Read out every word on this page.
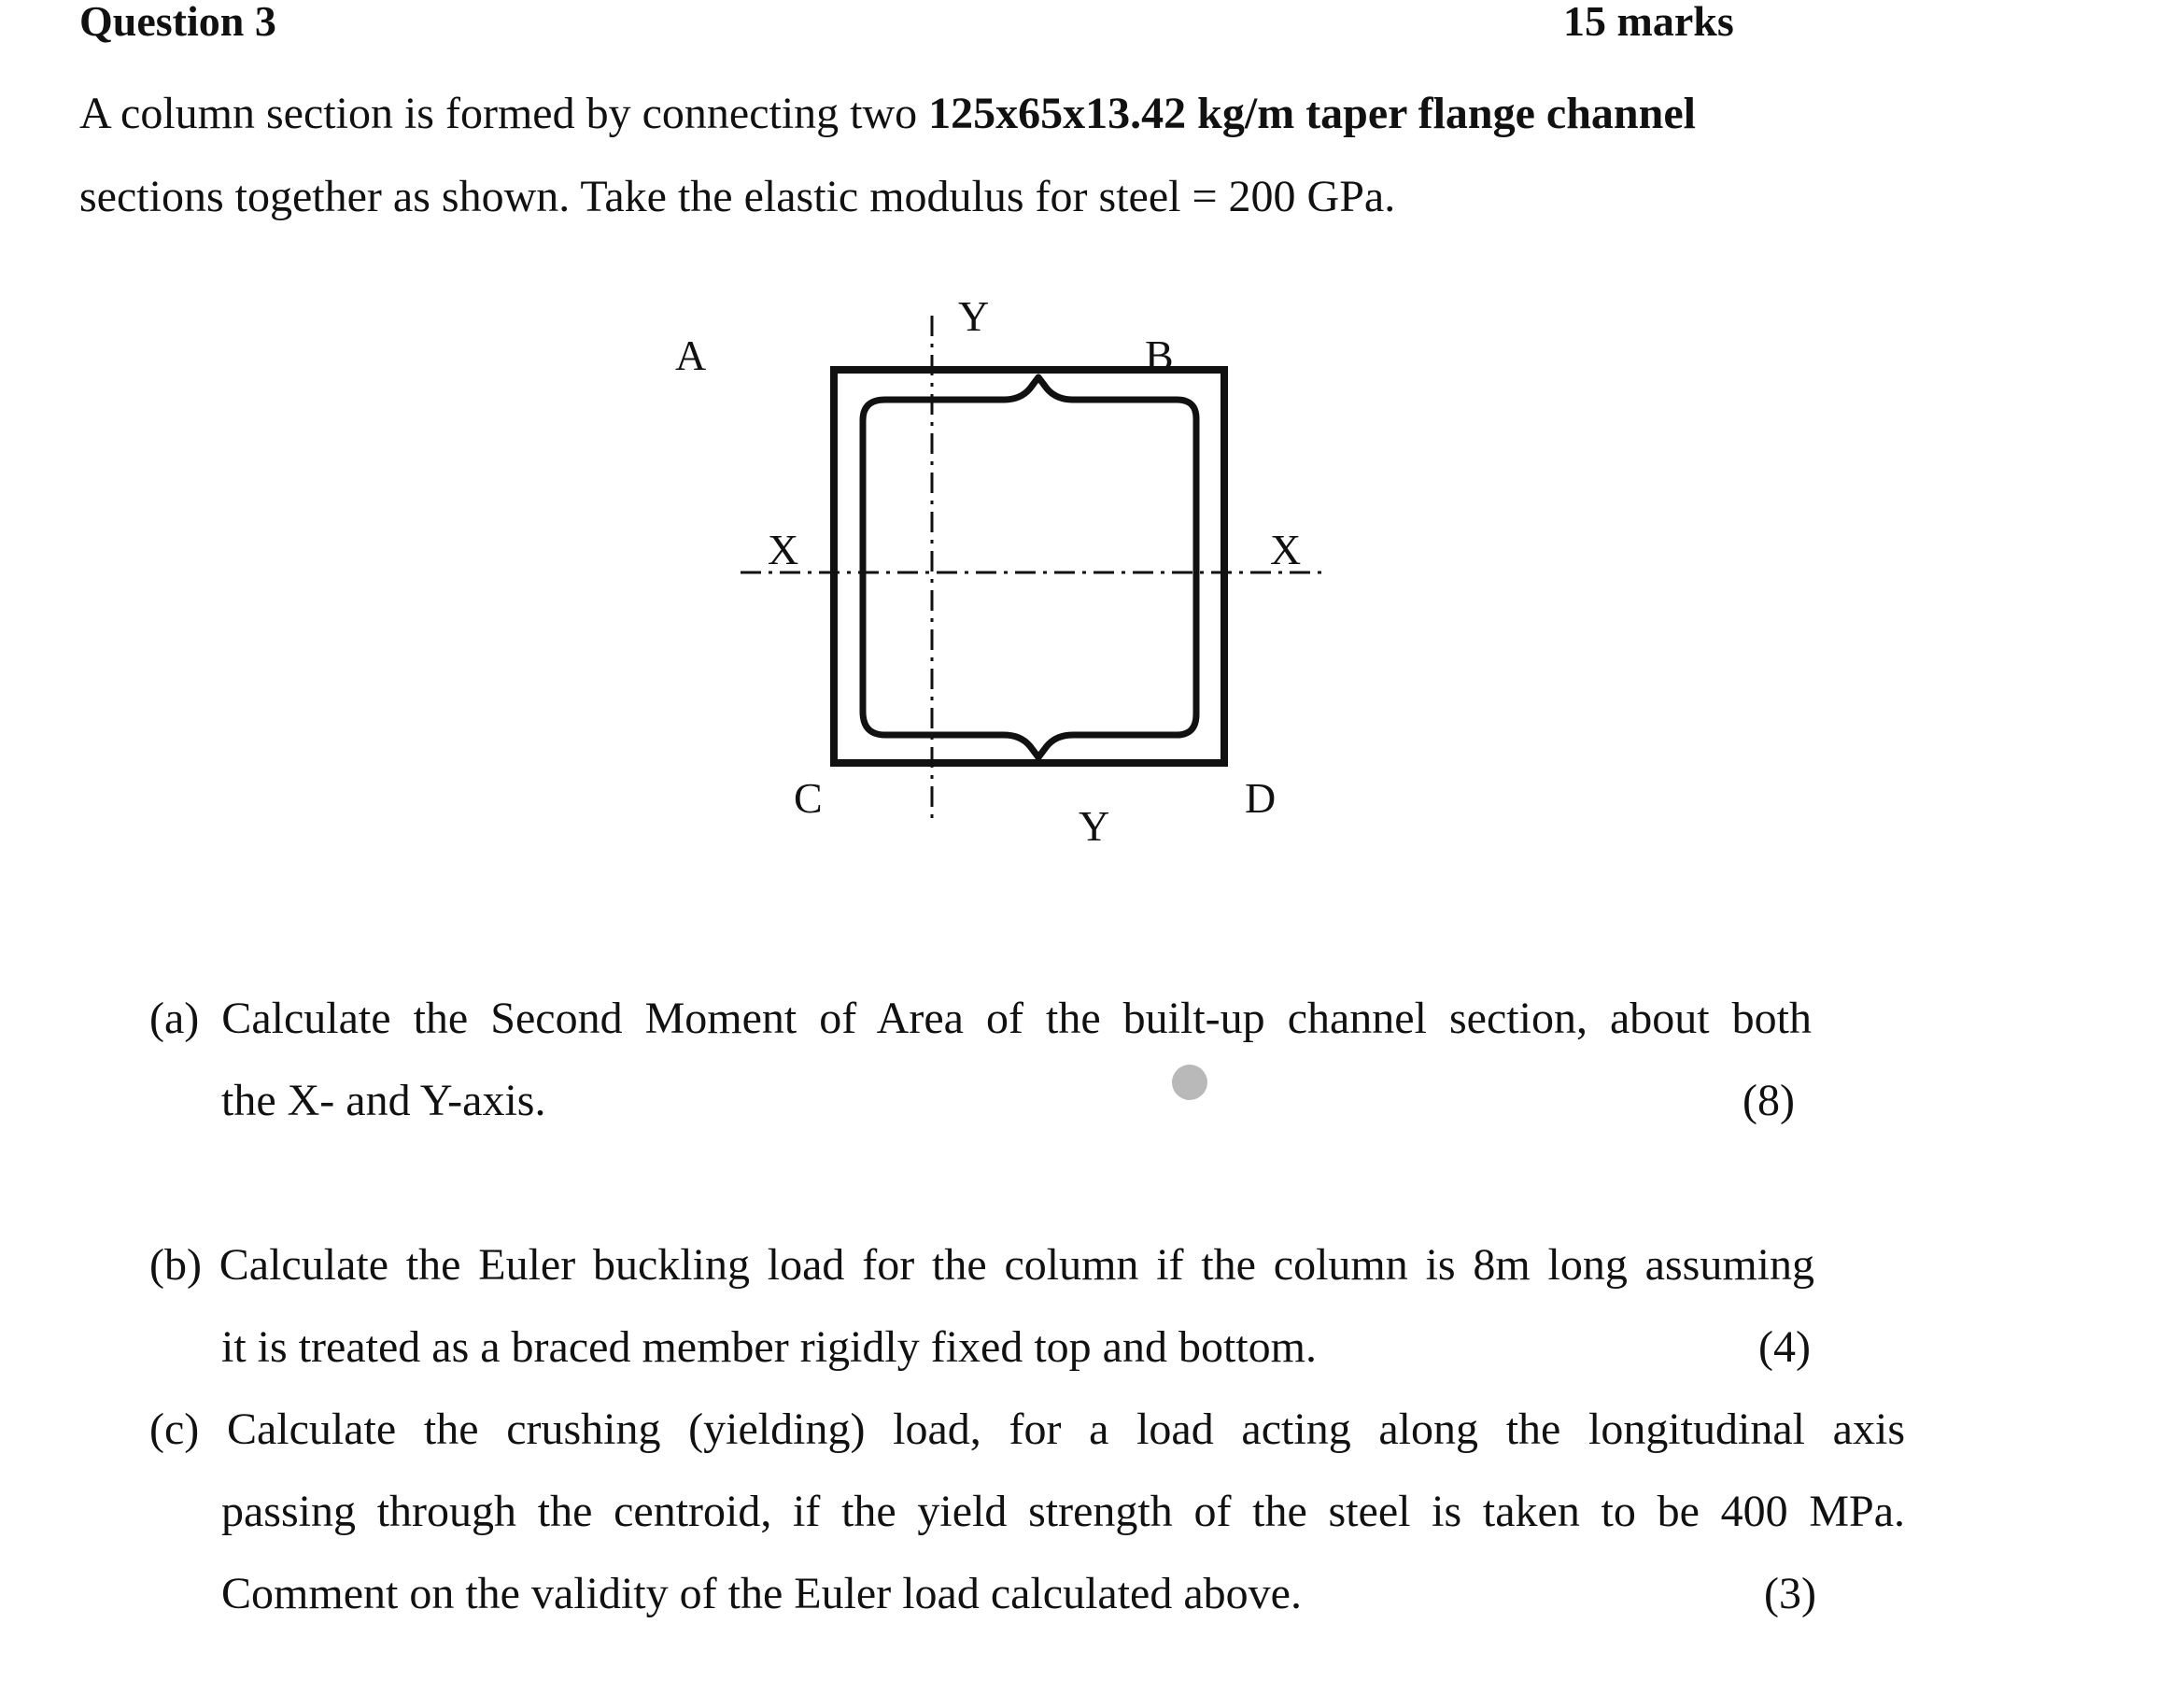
Question 3	15 marks
A column section is formed by connecting two 125x65x13.42 kg/m taper flange channel
sections together as shown. Take the elastic modulus for steel = 200 GPa.
A	B
C	D
X	X
Y
Y
(a) Calculate the Second Moment of Area of the built-up channel section, about both
the X- and Y-axis.	(8)
(b) Calculate the Euler buckling load for the column if the column is 8m long assuming
it is treated as a braced member rigidly fixed top and bottom.	(4)
(c) Calculate the crushing (yielding) load, for a load acting along the longitudinal axis
passing through the centroid, if the yield strength of the steel is taken to be 400 MPa.
Comment on the validity of the Euler load calculated above.	(3)
